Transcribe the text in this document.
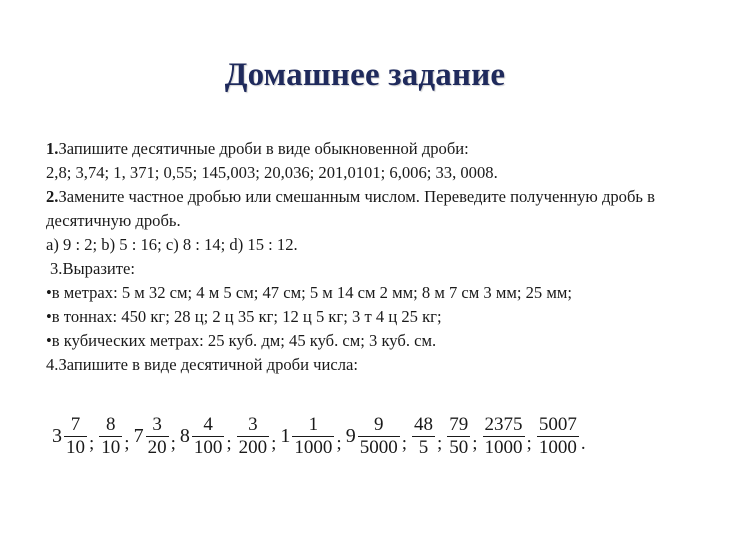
Домашнее задание
1.Запишите десятичные дроби в виде обыкновенной дроби:
2,8; 3,74; 1, 371; 0,55; 145,003; 20,036; 201,0101; 6,006; 33, 0008.
2.Замените частное дробью или смешанным числом. Переведите полученную дробь в десятичную дробь.
а) 9 : 2; b) 5 : 16; c) 8 : 14; d) 15 : 12.
3.Выразите:
•в метрах: 5 м 32 см; 4 м 5 см; 47 см; 5 м 14 см 2 мм; 8 м 7 см 3 мм; 25 мм;
•в тоннах: 450 кг; 28 ц; 2 ц 35 кг; 12 ц 5 кг; 3 т 4 ц 25 кг;
•в кубических метрах: 25 куб. дм; 45 куб. см; 3 куб. см.
4.Запишите в виде десятичной дроби числа:
$3 \frac{7}{10}$ ; $\frac{8}{10}$ ; $7 \frac{3}{20}$ ; $8 \frac{4}{100}$ ; $\frac{3}{200}$ ; $1 \frac{1}{1000}$ ; $9 \frac{9}{5000}$ ; $\frac{48}{5}$ ; $\frac{79}{50}$ ; $\frac{2375}{1000}$ ; $\frac{5007}{1000}$ .
